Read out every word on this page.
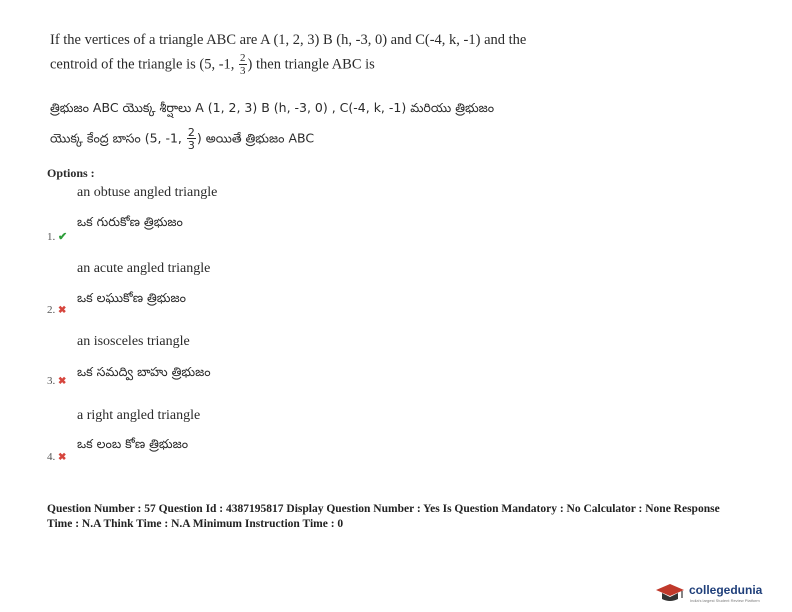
If the vertices of a triangle ABC are A (1, 2, 3) B (h, -3, 0) and C(-4, k, -1) and the
centroid of the triangle is (5, -1, $\frac{2}{3}$ ) then triangle ABC is
త్రిభుజం ABC యొక్క శీర్షాలు A (1, 2, 3) B (h, -3, 0) , C(-4, k, -1) మరియు త్రిభుజం
యొక్క కేంద్ర బాసం (5, -1, $\frac{2}{3}$ ) అయితే త్రిభుజం ABC
Options :
an obtuse angled triangle
ఒక గురుకోణ త్రిభుజం
1. ✔
an acute angled triangle
ఒక లఘుకోణ త్రిభుజం
2. ✖
an isosceles triangle
ఒక సమద్వి బాహు త్రిభుజం
3. ✖
a right angled triangle
ఒక లంబ కోణ త్రిభుజం
4. ✖
Question Number : 57 Question Id : 4387195817 Display Question Number : Yes Is Question Mandatory : No Calculator : None Response
Time : N.A Think Time : N.A Minimum Instruction Time : 0
collegedunia
India's largest Student Review Platform
